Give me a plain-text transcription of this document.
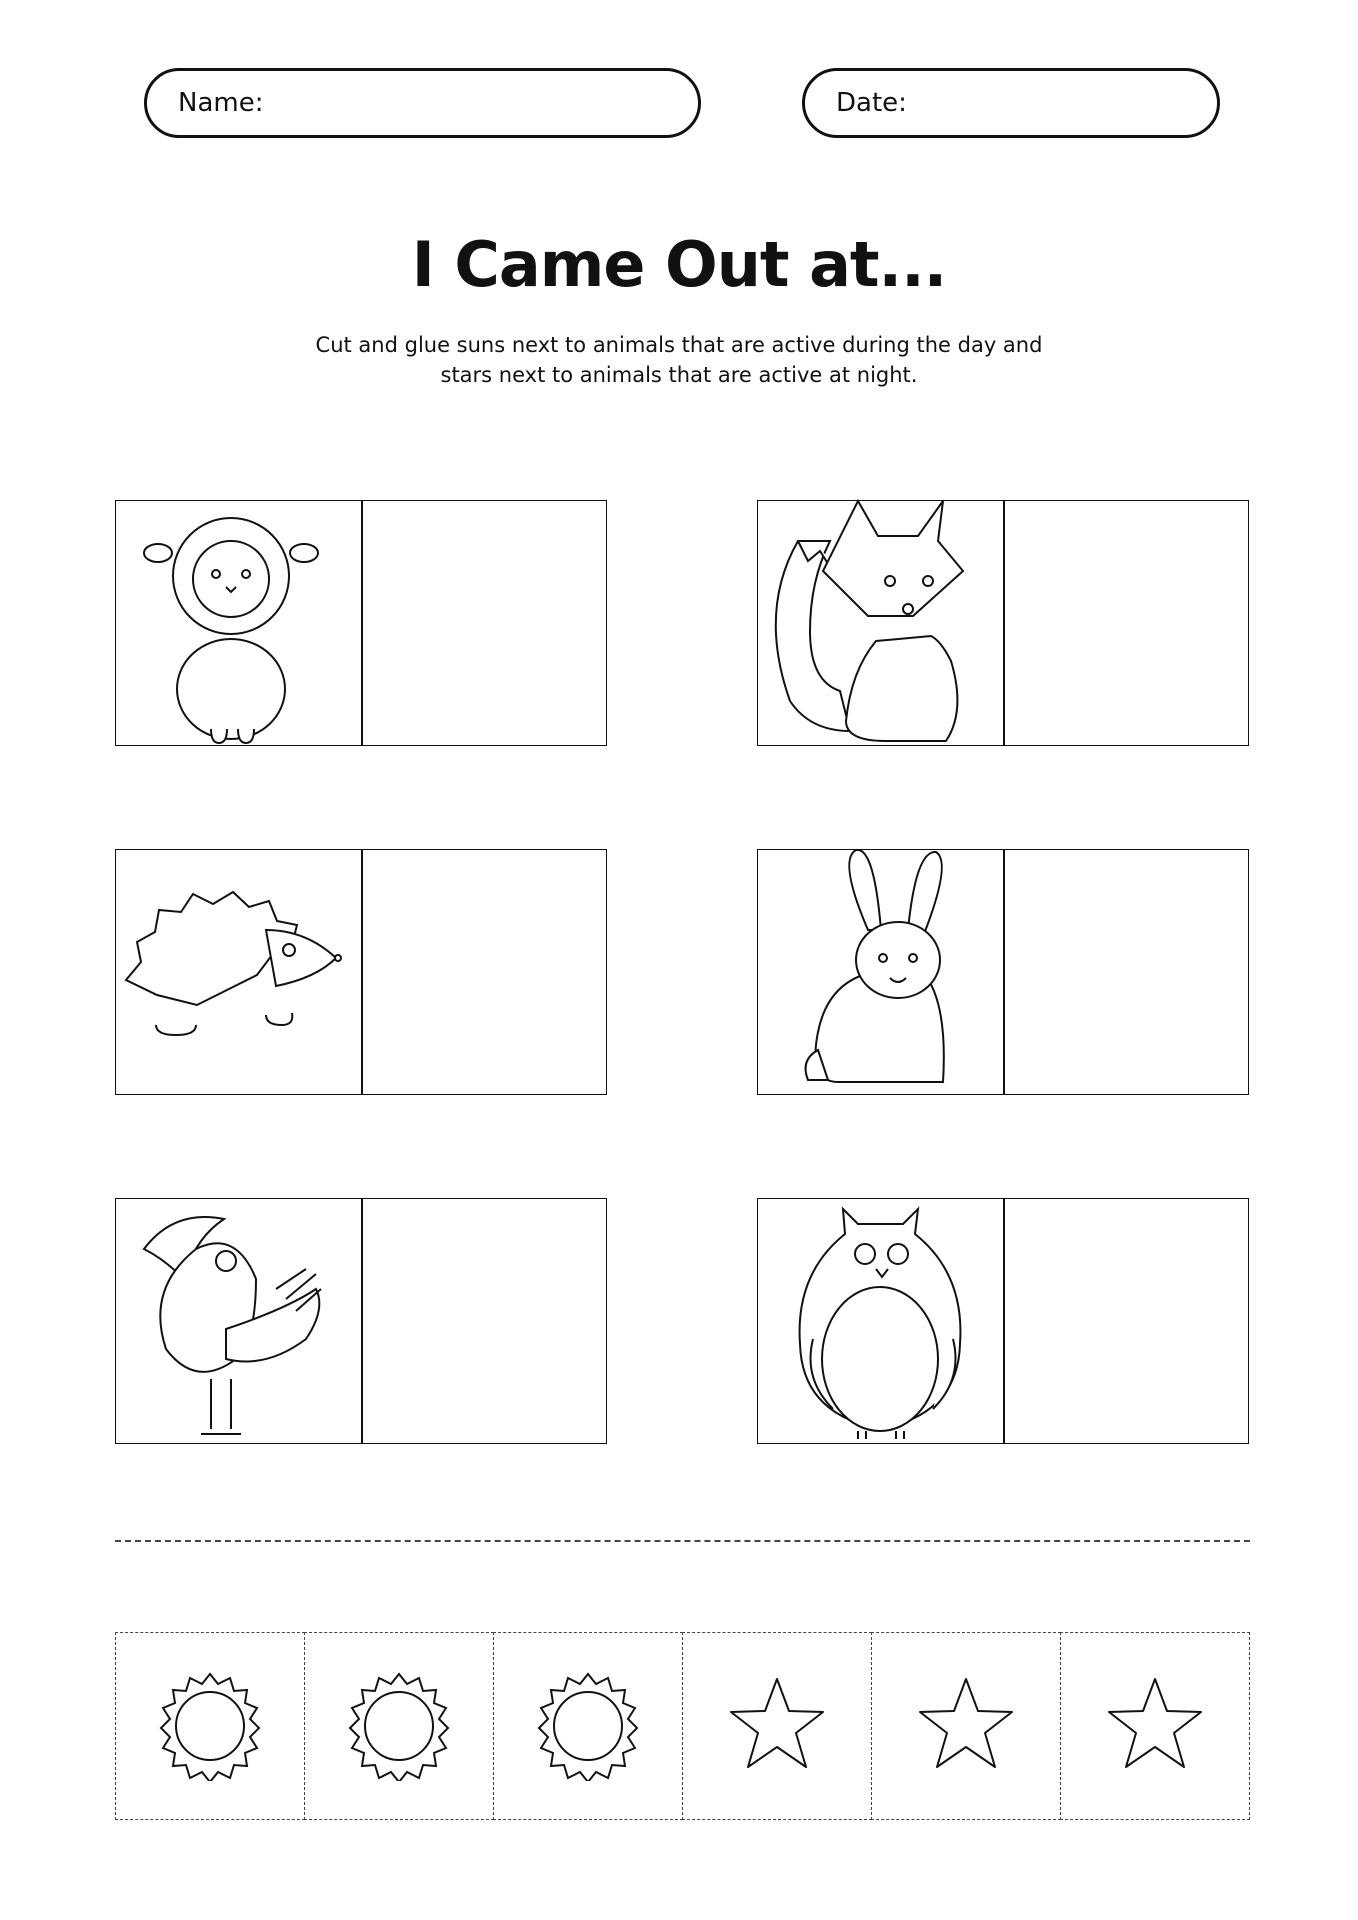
Name:	Date:
I Came Out at...
Cut and glue suns next to animals that are active during the day and
stars next to animals that are active at night.
